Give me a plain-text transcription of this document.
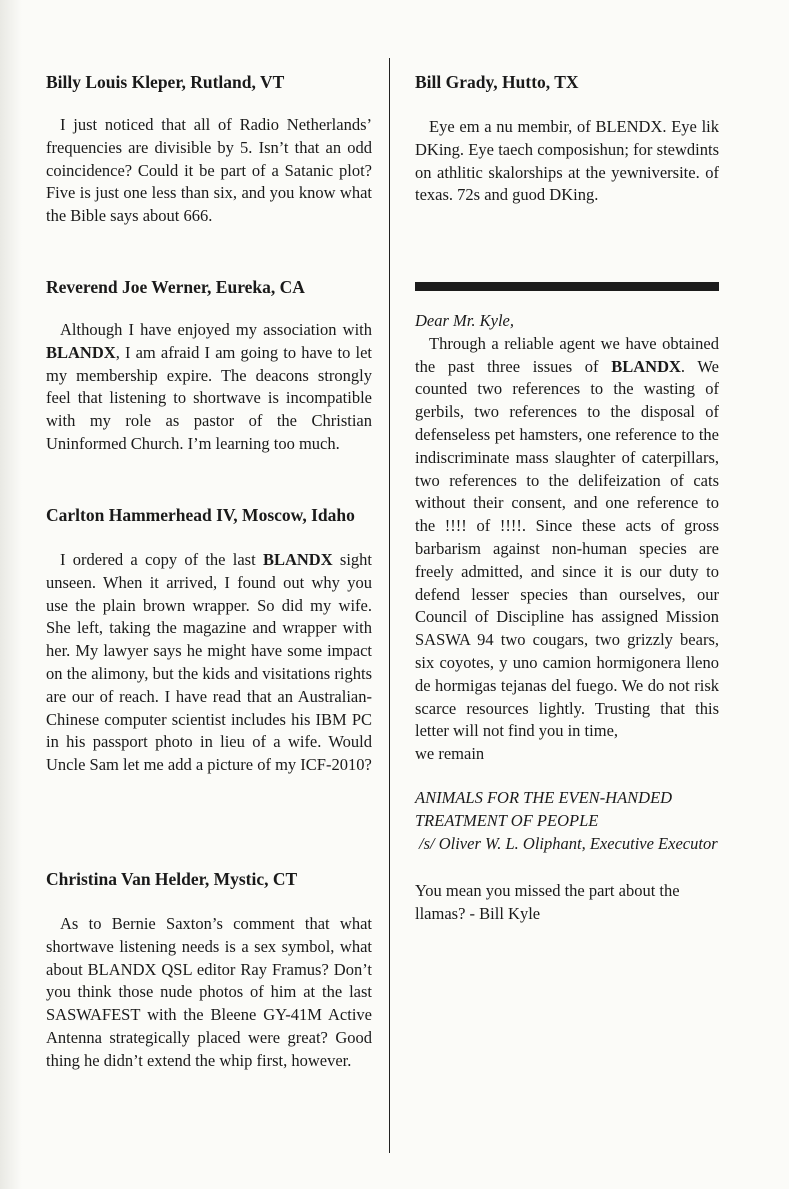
Billy Louis Kleper, Rutland, VT

I just noticed that all of Radio Netherlands’ frequencies are divisible by 5. Isn’t that an odd coincidence? Could it be part of a Satanic plot? Five is just one less than six, and you know what the Bible says about 666.

Reverend Joe Werner, Eureka, CA

Although I have enjoyed my association with BLANDX, I am afraid I am going to have to let my membership expire. The deacons strongly feel that listening to shortwave is incompatible with my role as pastor of the Christian Uninformed Church. I’m learning too much.

Carlton Hammerhead IV, Moscow, Idaho

I ordered a copy of the last BLANDX sight unseen. When it arrived, I found out why you use the plain brown wrapper. So did my wife. She left, taking the magazine and wrapper with her. My lawyer says he might have some impact on the alimony, but the kids and visitations rights are our of reach. I have read that an Australian-Chinese computer scientist includes his IBM PC in his passport photo in lieu of a wife. Would Uncle Sam let me add a picture of my ICF-2010?

Christina Van Helder, Mystic, CT

As to Bernie Saxton’s comment that what shortwave listening needs is a sex symbol, what about BLANDX QSL editor Ray Framus? Don’t you think those nude photos of him at the last SASWAFEST with the Bleene GY-41M Active Antenna strategically placed were great? Good thing he didn’t extend the whip first, however.

Bill Grady, Hutto, TX

Eye em a nu membir, of BLENDX. Eye lik DKing. Eye taech composishun; for stewdints on athlitic skalorships at the yewniversite. of texas. 72s and guod DKing.

Dear Mr. Kyle,

Through a reliable agent we have obtained the past three issues of BLANDX. We counted two references to the wasting of gerbils, two references to the disposal of defenseless pet hamsters, one reference to the indiscriminate mass slaughter of caterpillars, two references to the delifeization of cats without their consent, and one reference to the !!!! of !!!!. Since these acts of gross barbarism against non-human species are freely admitted, and since it is our duty to defend lesser species than ourselves, our Council of Discipline has assigned Mission SASWA 94 two cougars, two grizzly bears, six coyotes, y uno camion hormigonera lleno de hormigas tejanas del fuego. We do not risk scarce resources lightly. Trusting that this letter will not find you in time,

we remain

ANIMALS FOR THE EVEN-HANDED TREATMENT OF PEOPLE

/s/ Oliver W. L. Oliphant, Executive Executor

You mean you missed the part about the llamas? - Bill Kyle
